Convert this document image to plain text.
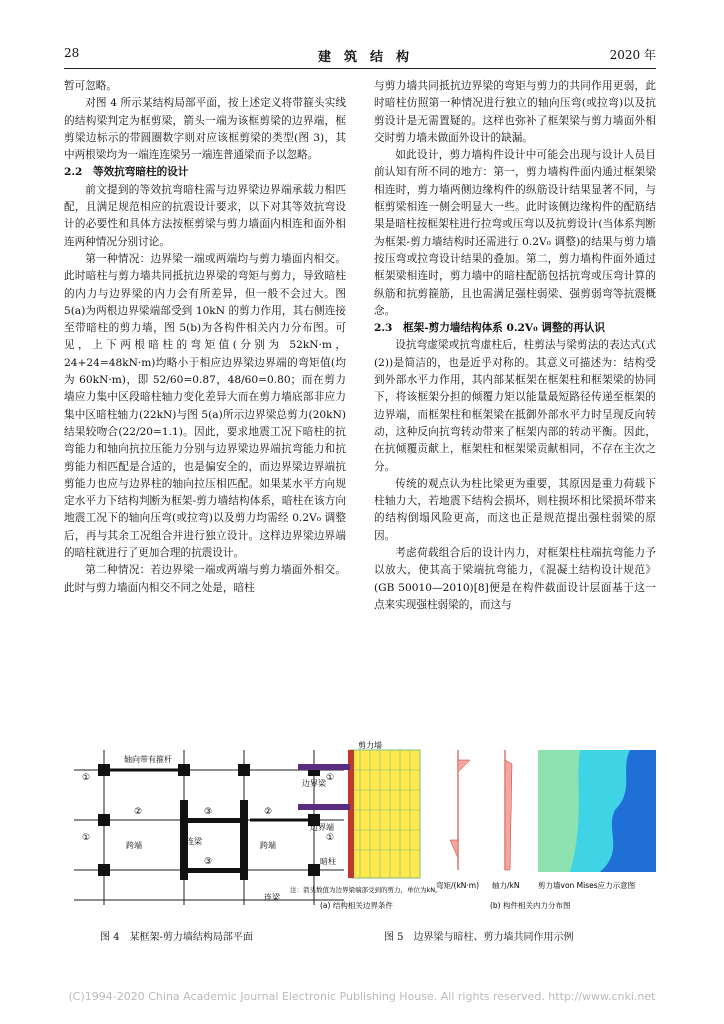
28	建　筑　结　构	2020 年

暂可忽略。

对图 4 所示某结构局部平面，按上述定义将带箍头实线的结构梁判定为框剪梁，箭头一端为该框剪梁的边界端，框剪梁边标示的带圆圈数字则对应该框剪梁的类型(图 3)，其中两根梁均为一端连连梁另一端连普通梁而予以忽略。

2.2　等效抗弯暗柱的设计

前文提到的等效抗弯暗柱需与边界梁边界端承载力相匹配，且满足规范相应的抗震设计要求，以下对其等效抗弯设计的必要性和具体方法按框剪梁与剪力墙面内相连和面外相连两种情况分别讨论。

第一种情况：边界梁一端或两端均与剪力墙面内相交。此时暗柱与剪力墙共同抵抗边界梁的弯矩与剪力，导致暗柱的内力与边界梁的内力会有所差异，但一般不会过大。图 5(a)为两根边界梁端部受到 10kN 的剪力作用，其右侧连接至带暗柱的剪力墙，图 5(b)为各构件相关内力分布图。可见，上下两根暗柱的弯矩值(分别为 52kN·m，24+24=48kN·m)均略小于相应边界梁边界端的弯矩值(均为 60kN·m)，即 52/60=0.87，48/60=0.80；而在剪力墙应力集中区段暗柱轴力变化差异大而在剪力墙底部非应力集中区暗柱轴力(22kN)与图 5(a)所示边界梁总剪力(20kN)结果较吻合(22/20=1.1)。因此，要求地震工况下暗柱的抗弯能力和轴向抗拉压能力分别与边界梁边界端抗弯能力和抗剪能力相匹配是合适的，也是偏安全的，而边界梁边界端抗剪能力也应与边界柱的轴向拉压相匹配。如果某水平方向规定水平力下结构判断为框架-剪力墙结构体系，暗柱在该方向地震工况下的轴向压弯(或拉弯)以及剪力均需经 0.2V₀ 调整后，再与其余工况组合并进行独立设计。这样边界梁边界端的暗柱就进行了更加合理的抗震设计。

第二种情况：若边界梁一端或两端与剪力墙面外相交。此时与剪力墙面内相交不同之处是，暗柱

与剪力墙共同抵抗边界梁的弯矩与剪力的共同作用更弱，此时暗柱仿照第一种情况进行独立的轴向压弯(或拉弯)以及抗剪设计是无需置疑的。这样也弥补了框架梁与剪力墙面外相交时剪力墙未做面外设计的缺漏。

如此设计，剪力墙构件设计中可能会出现与设计人员目前认知有所不同的地方：第一，剪力墙构件面内通过框架梁相连时，剪力墙两侧边缘构件的纵筋设计结果显著不同，与框剪梁相连一侧会明显大一些。此时该侧边缘构件的配筋结果是暗柱按框架柱进行拉弯或压弯以及抗剪设计(当体系判断为框架-剪力墙结构时还需进行 0.2V₀ 调整)的结果与剪力墙按压弯或拉弯设计结果的叠加。第二，剪力墙构件面外通过框架梁相连时，剪力墙中的暗柱配筋包括抗弯或压弯计算的纵筋和抗剪箍筋，且也需满足强柱弱梁、强剪弱弯等抗震概念。

2.3　框架-剪力墙结构体系 0.2V₀ 调整的再认识

设抗弯虚梁或抗弯虚柱后，柱剪法与梁剪法的表达式(式(2))是简洁的，也是近乎对称的。其意义可描述为：结构受到外部水平力作用，其内部某框架在框架柱和框架梁的协同下，将该框架分担的倾覆力矩以能量最短路径传递至框架的边界端，而框架柱和框架梁在抵御外部水平力时呈现反向转动，这种反向抗弯转动带来了框架内部的转动平衡。因此，在抗倾覆贡献上，框架柱和框架梁贡献相同，不存在主次之分。

传统的观点认为柱比梁更为重要，其原因是重力荷载下柱轴力大，若地震下结构会损坏，则柱损坏相比梁损坏带来的结构倒塌风险更高，而这也正是规范提出强柱弱梁的原因。

考虑荷载组合后的设计内力，对框架柱柱端抗弯能力予以放大，使其高于梁端抗弯能力，《混凝土结构设计规范》(GB 50010—2010)[8]便是在构件截面设计层面基于这一点来实现强柱弱梁的，而这与

轴向带有箍杆
跨端	跨端
连梁
连梁
①
①
①
①
②	③	②
③
图 4　某框架-剪力墙结构局部平面
剪力墙
边界梁
边界端
暗柱
注：箭头数值为边界梁端部受到的剪力，单位为kN。
(a) 结构相关边界条件
弯矩/(kN·m) 轴力/kN 剪力墙von Mises应力示意图
(b) 构件相关内力分布图
图 5　边界梁与暗柱、剪力墙共同作用示例
(C)1994-2020 China Academic Journal Electronic Publishing House. All rights reserved. http://www.cnki.net
